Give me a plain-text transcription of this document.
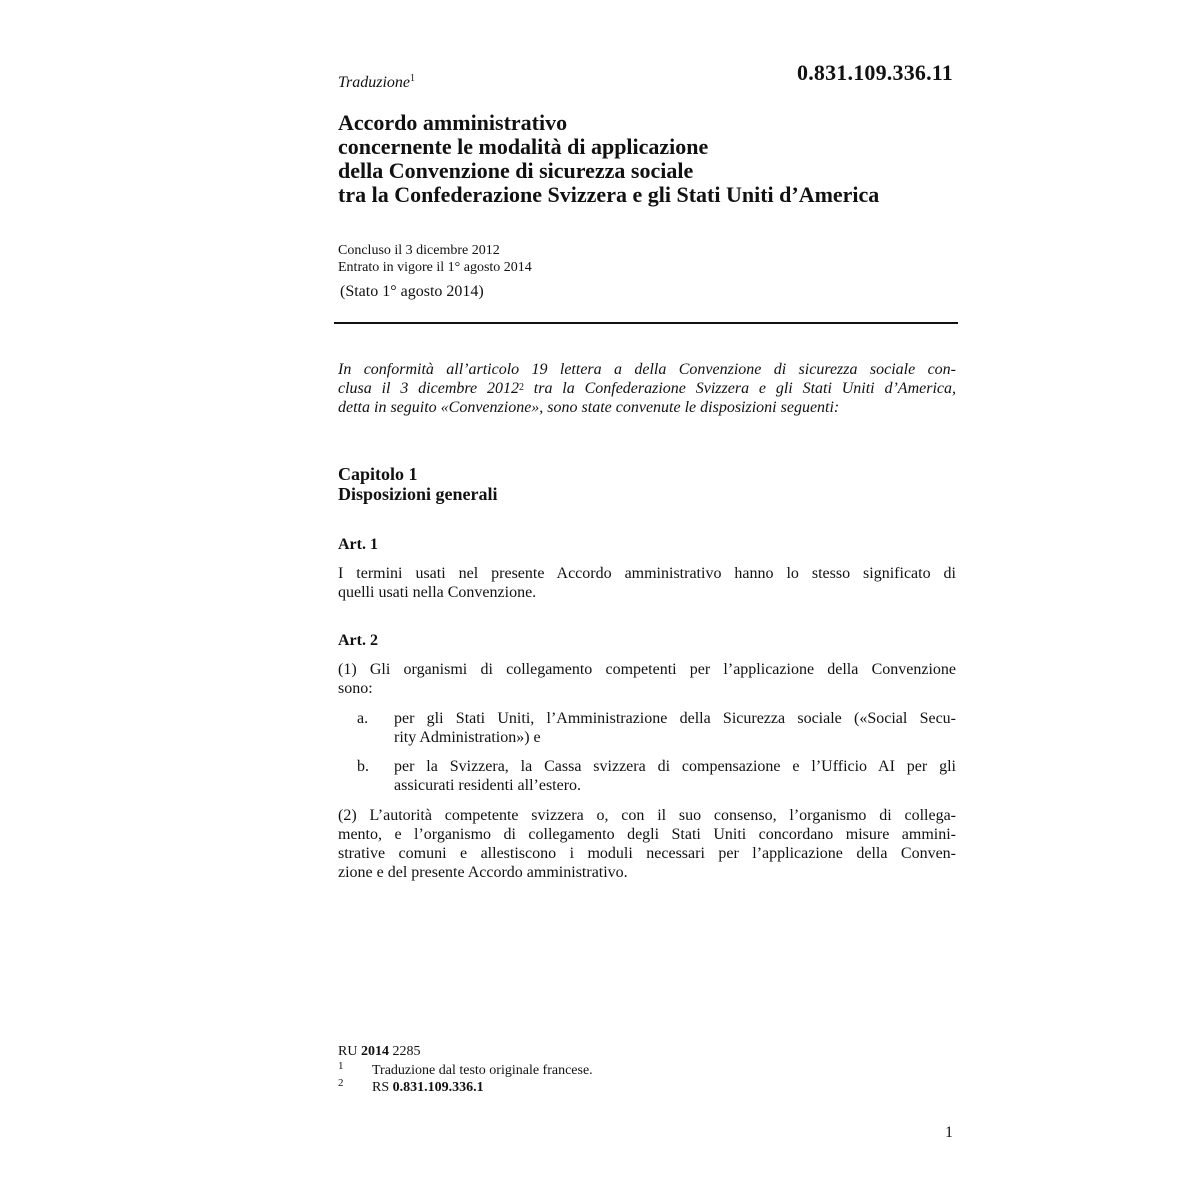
0.831.109.336.11
Traduzione$^1$
Accordo amministrativo
concernente le modalità di applicazione
della Convenzione di sicurezza sociale
tra la Confederazione Svizzera e gli Stati Uniti d’America
Concluso il 3 dicembre 2012
Entrato in vigore il 1° agosto 2014
(Stato 1° agosto 2014)
In conformità all’articolo 19 lettera a della Convenzione di sicurezza sociale con-
clusa il 3 dicembre 2012$^2$ tra la Confederazione Svizzera e gli Stati Uniti d’America,
detta in seguito «Convenzione», sono state convenute le disposizioni seguenti:
Capitolo 1
Disposizioni generali
Art. 1
I termini usati nel presente Accordo amministrativo hanno lo stesso significato di
quelli usati nella Convenzione.
Art. 2
(1) Gli organismi di collegamento competenti per l’applicazione della Convenzione
sono:
a. per gli Stati Uniti, l’Amministrazione della Sicurezza sociale («Social Secu-
rity Administration») e
b. per la Svizzera, la Cassa svizzera di compensazione e l’Ufficio AI per gli
assicurati residenti all’estero.
(2) L’autorità competente svizzera o, con il suo consenso, l’organismo di collega-
mento, e l’organismo di collegamento degli Stati Uniti concordano misure ammini-
strative comuni e allestiscono i moduli necessari per l’applicazione della Conven-
zione e del presente Accordo amministrativo.
RU 2014 2285
1 Traduzione dal testo originale francese.
2 RS 0.831.109.336.1
1
